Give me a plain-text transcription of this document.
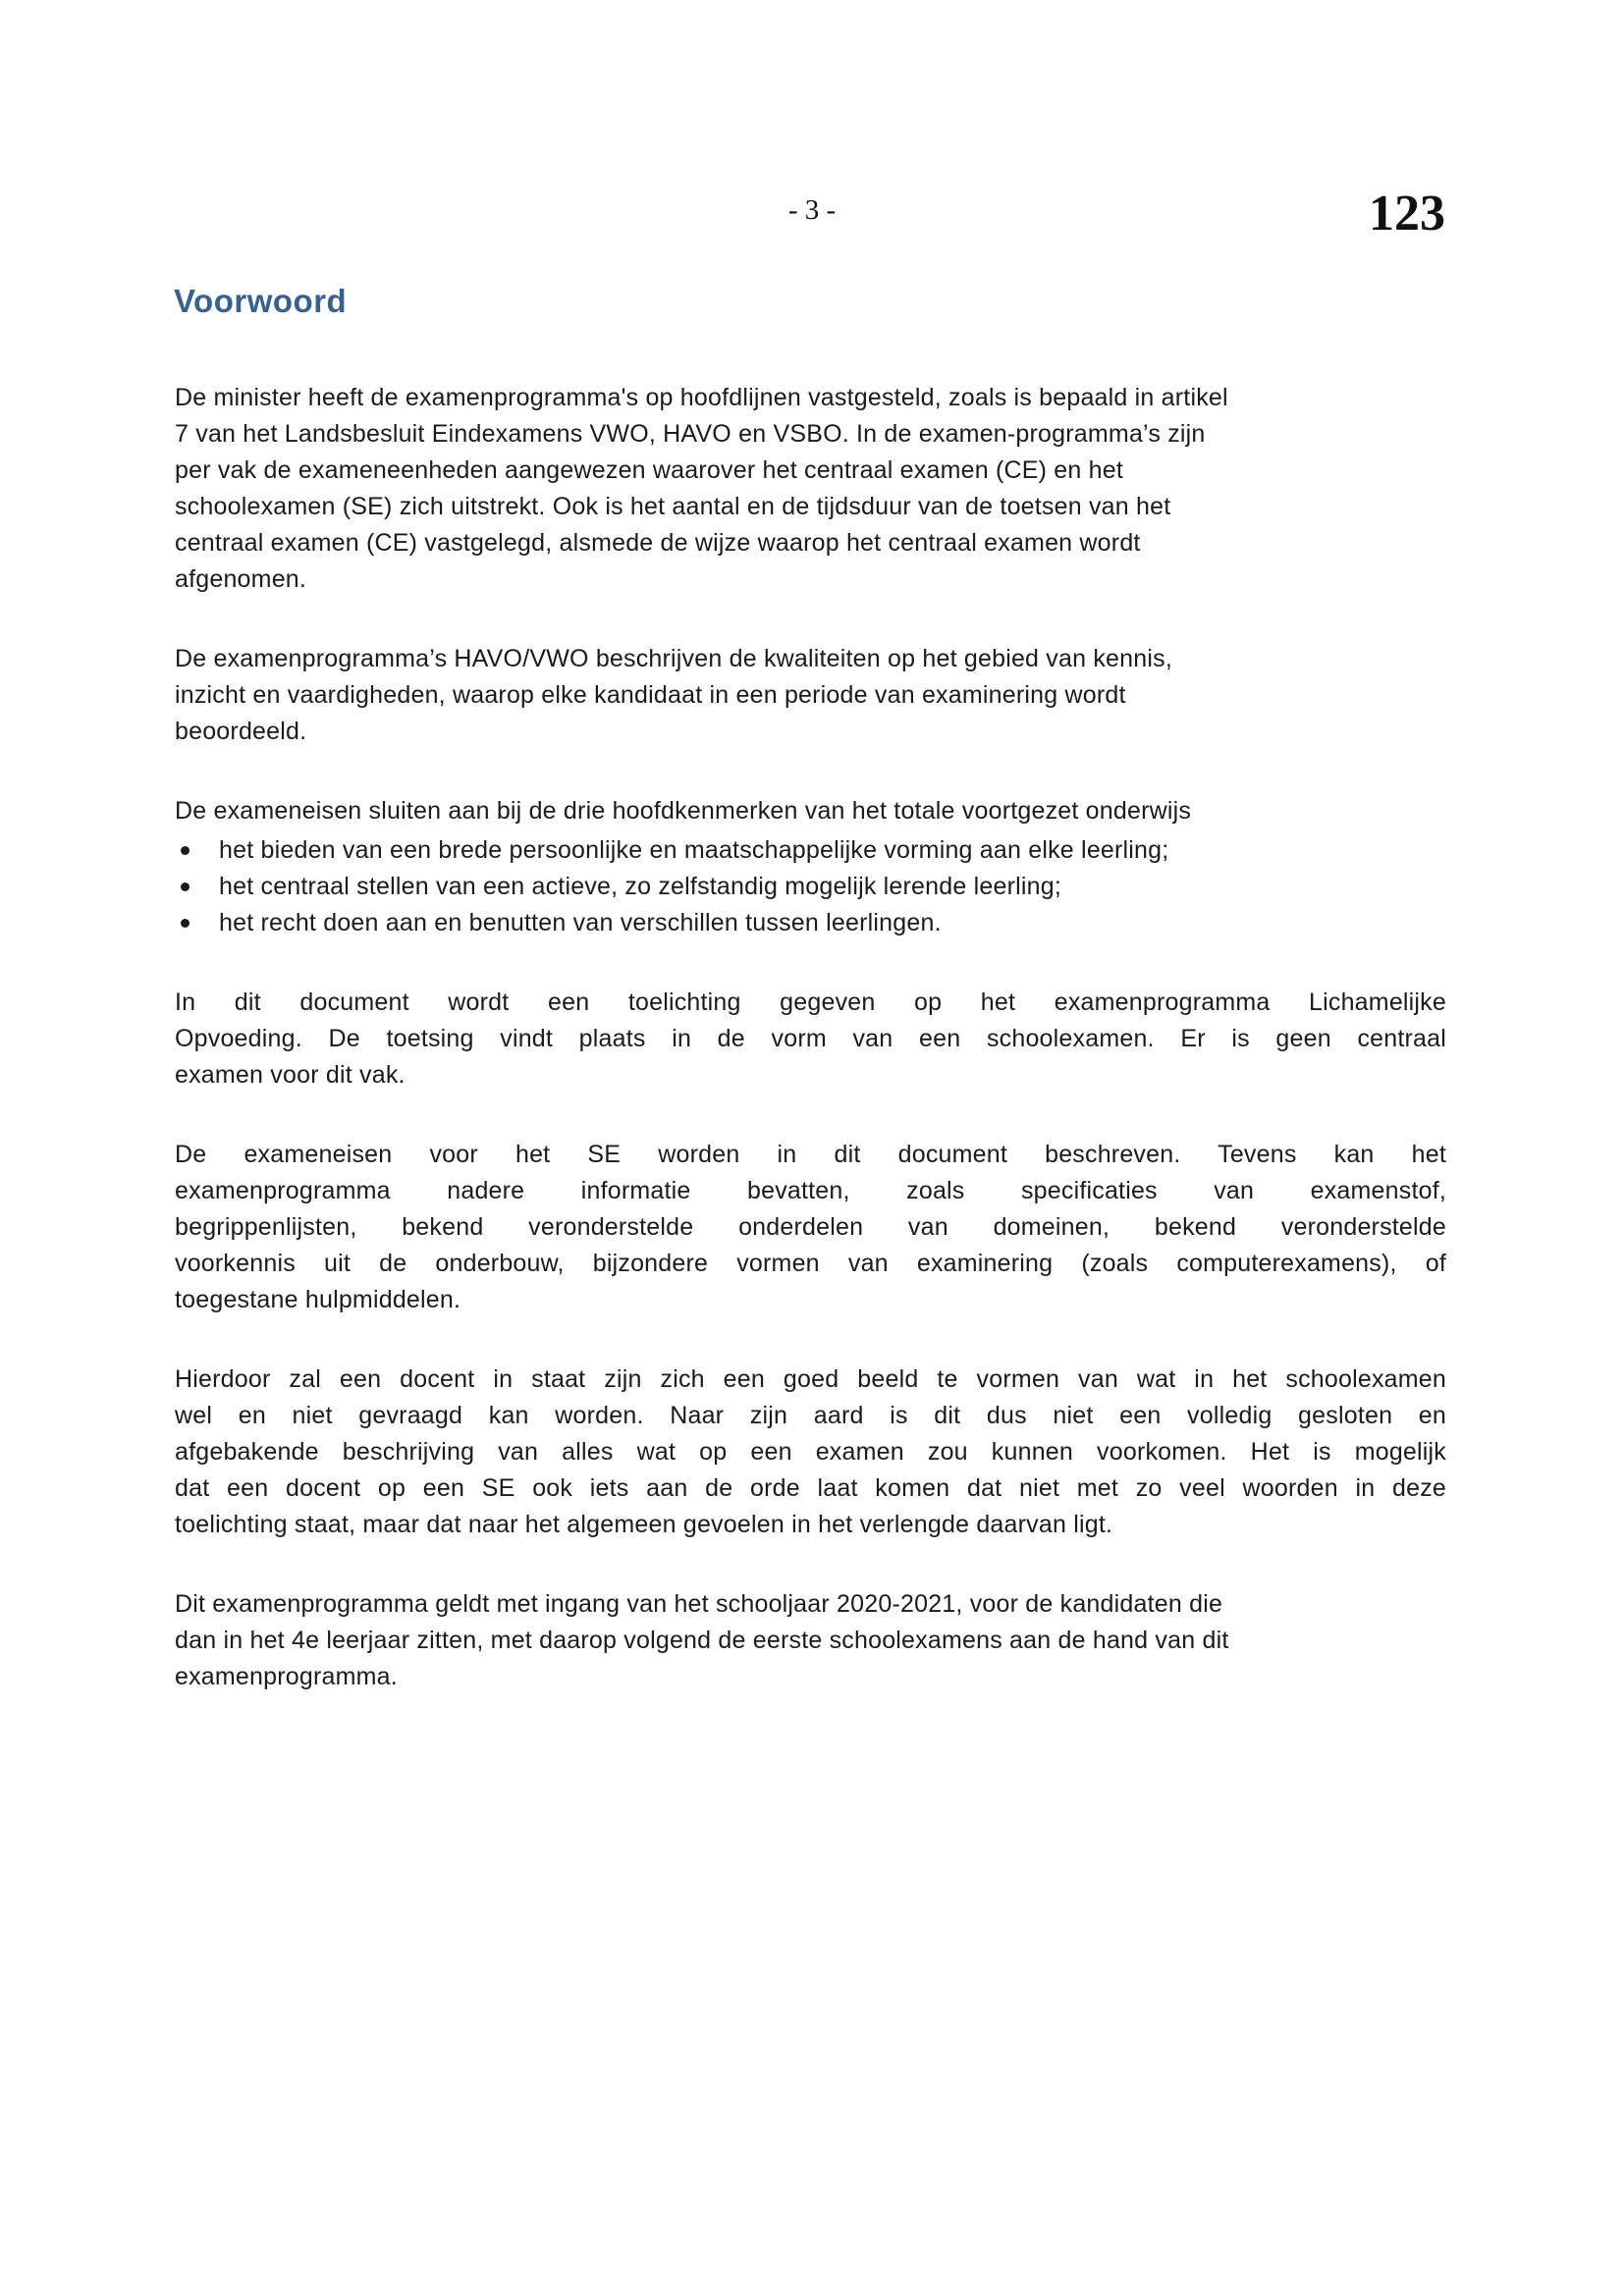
- 3 -	123
Voorwoord
De minister heeft de examenprogramma's op hoofdlijnen vastgesteld, zoals is bepaald in artikel
7 van het Landsbesluit Eindexamens VWO, HAVO en VSBO. In de examen-programma’s zijn
per vak de exameneenheden aangewezen waarover het centraal examen (CE) en het
schoolexamen (SE) zich uitstrekt. Ook is het aantal en de tijdsduur van de toetsen van het
centraal examen (CE) vastgelegd, alsmede de wijze waarop het centraal examen wordt
afgenomen.
De examenprogramma’s HAVO/VWO beschrijven de kwaliteiten op het gebied van kennis,
inzicht en vaardigheden, waarop elke kandidaat in een periode van examinering wordt
beoordeeld.
De exameneisen sluiten aan bij de drie hoofdkenmerken van het totale voortgezet onderwijs
het bieden van een brede persoonlijke en maatschappelijke vorming aan elke leerling;
het centraal stellen van een actieve, zo zelfstandig mogelijk lerende leerling;
het recht doen aan en benutten van verschillen tussen leerlingen.
In dit document wordt een toelichting gegeven op het examenprogramma Lichamelijke
Opvoeding. De toetsing vindt plaats in de vorm van een schoolexamen. Er is geen centraal
examen voor dit vak.
De exameneisen voor het SE worden in dit document beschreven. Tevens kan het
examenprogramma nadere informatie bevatten, zoals specificaties van examenstof,
begrippenlijsten, bekend veronderstelde onderdelen van domeinen, bekend veronderstelde
voorkennis uit de onderbouw, bijzondere vormen van examinering (zoals computerexamens), of
toegestane hulpmiddelen.
Hierdoor zal een docent in staat zijn zich een goed beeld te vormen van wat in het schoolexamen
wel en niet gevraagd kan worden. Naar zijn aard is dit dus niet een volledig gesloten en
afgebakende beschrijving van alles wat op een examen zou kunnen voorkomen. Het is mogelijk
dat een docent op een SE ook iets aan de orde laat komen dat niet met zo veel woorden in deze
toelichting staat, maar dat naar het algemeen gevoelen in het verlengde daarvan ligt.
Dit examenprogramma geldt met ingang van het schooljaar 2020-2021, voor de kandidaten die
dan in het 4e leerjaar zitten, met daarop volgend de eerste schoolexamens aan de hand van dit
examenprogramma.
